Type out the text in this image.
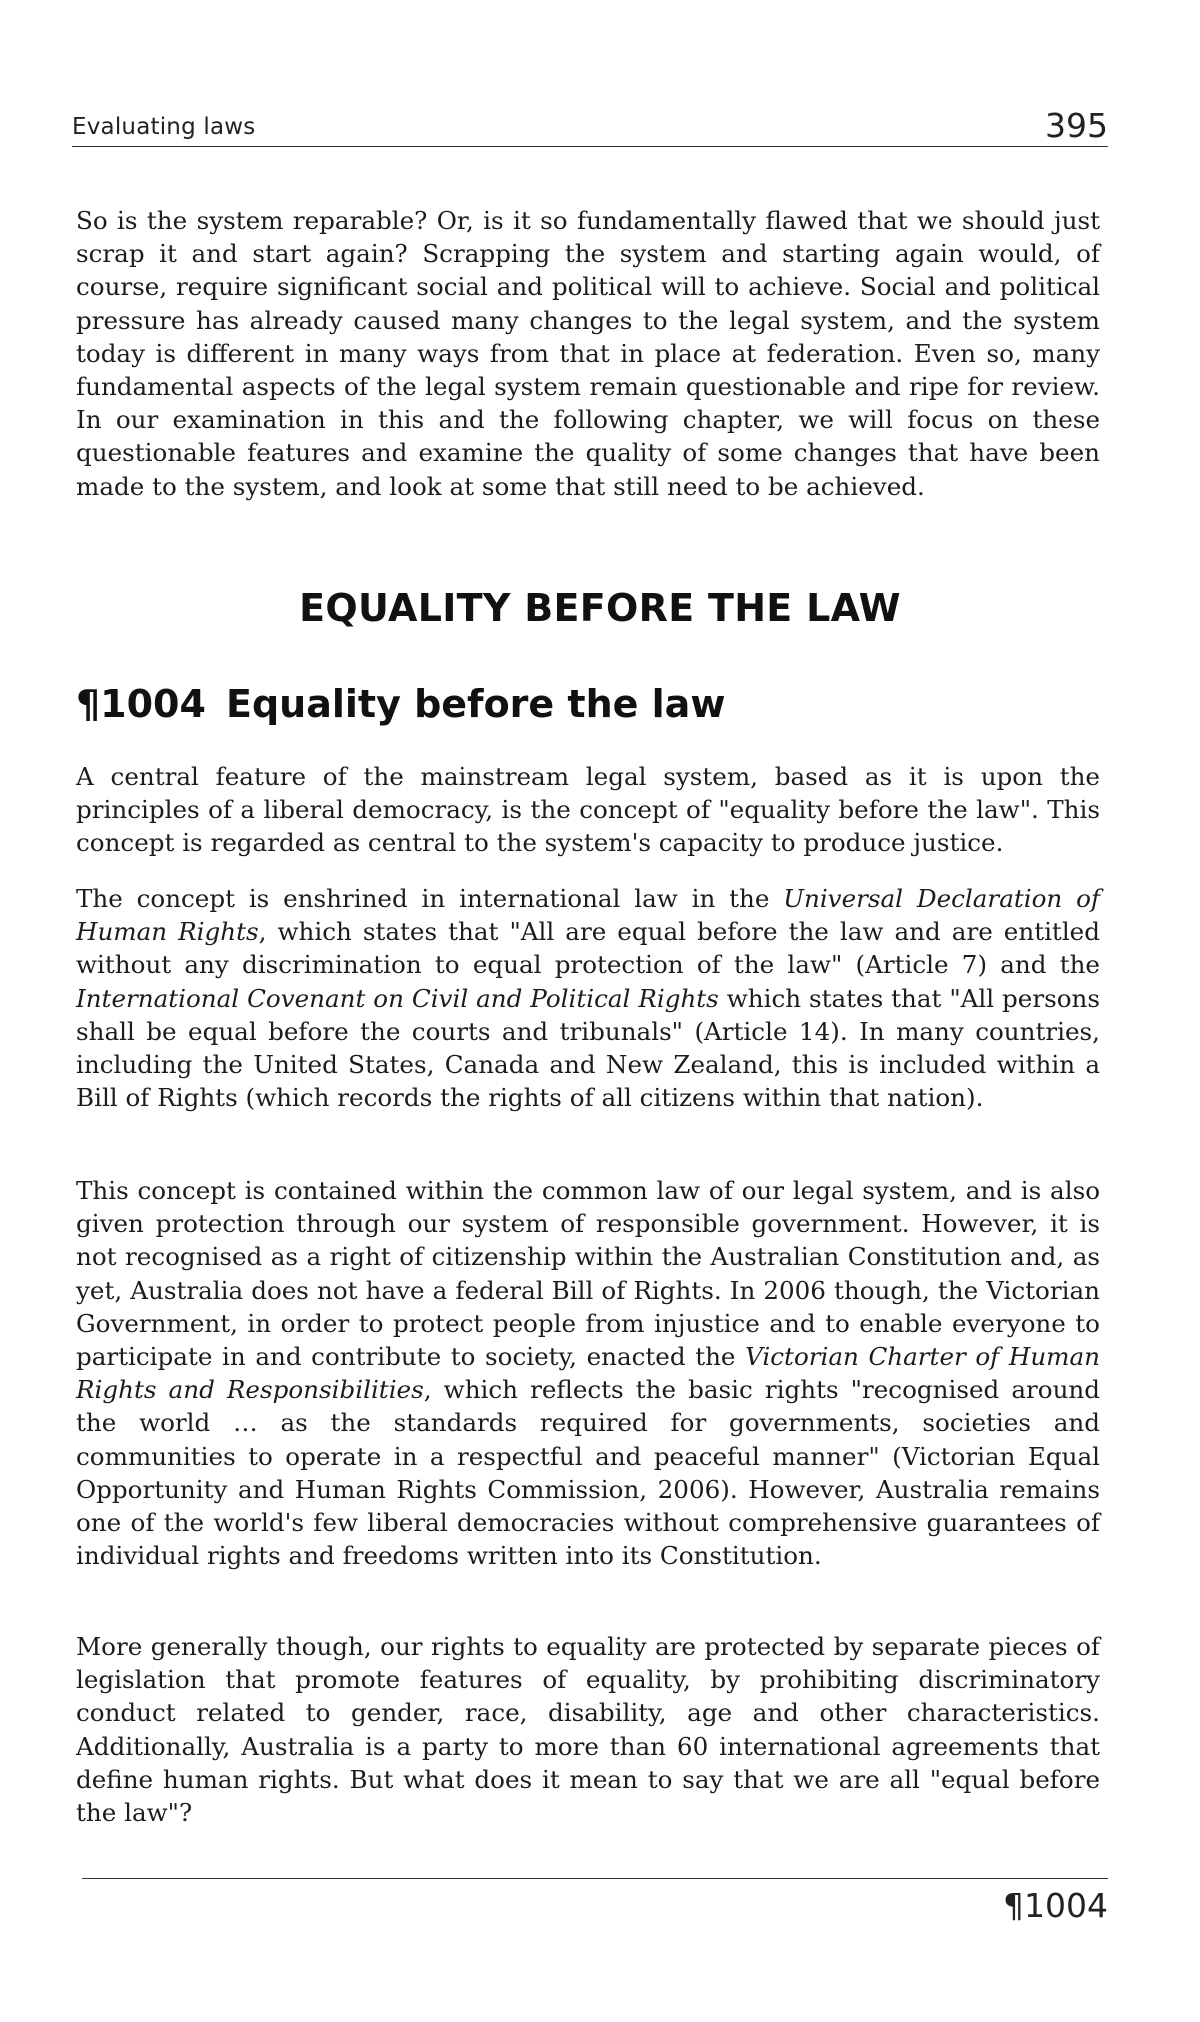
Evaluating laws	395

So is the system reparable? Or, is it so fundamentally flawed that we should just scrap it and start again? Scrapping the system and starting again would, of course, require significant social and political will to achieve. Social and political pressure has already caused many changes to the legal system, and the system today is different in many ways from that in place at federation. Even so, many fundamental aspects of the legal system remain questionable and ripe for review. In our examination in this and the following chapter, we will focus on these questionable features and examine the quality of some changes that have been made to the system, and look at some that still need to be achieved.

EQUALITY BEFORE THE LAW
¶1004 Equality before the law

A central feature of the mainstream legal system, based as it is upon the principles of a liberal democracy, is the concept of "equality before the law". This concept is regarded as central to the system's capacity to produce justice.

The concept is enshrined in international law in the Universal Declaration of Human Rights, which states that "All are equal before the law and are entitled without any discrimination to equal protection of the law" (Article 7) and the International Covenant on Civil and Political Rights which states that "All persons shall be equal before the courts and tribunals" (Article 14). In many countries, including the United States, Canada and New Zealand, this is included within a Bill of Rights (which records the rights of all citizens within that nation).

This concept is contained within the common law of our legal system, and is also given protection through our system of responsible government. However, it is not recognised as a right of citizenship within the Australian Constitution and, as yet, Australia does not have a federal Bill of Rights. In 2006 though, the Victorian Government, in order to protect people from injustice and to enable everyone to participate in and contribute to society, enacted the Victorian Charter of Human Rights and Responsibilities, which reflects the basic rights "recognised around the world … as the standards required for governments, societies and communities to operate in a respectful and peaceful manner" (Victorian Equal Opportunity and Human Rights Commission, 2006). However, Australia remains one of the world's few liberal democracies without comprehensive guarantees of individual rights and freedoms written into its Constitution.

More generally though, our rights to equality are protected by separate pieces of legislation that promote features of equality, by prohibiting discriminatory conduct related to gender, race, disability, age and other characteristics. Additionally, Australia is a party to more than 60 international agreements that define human rights. But what does it mean to say that we are all "equal before the law"?

¶1004
